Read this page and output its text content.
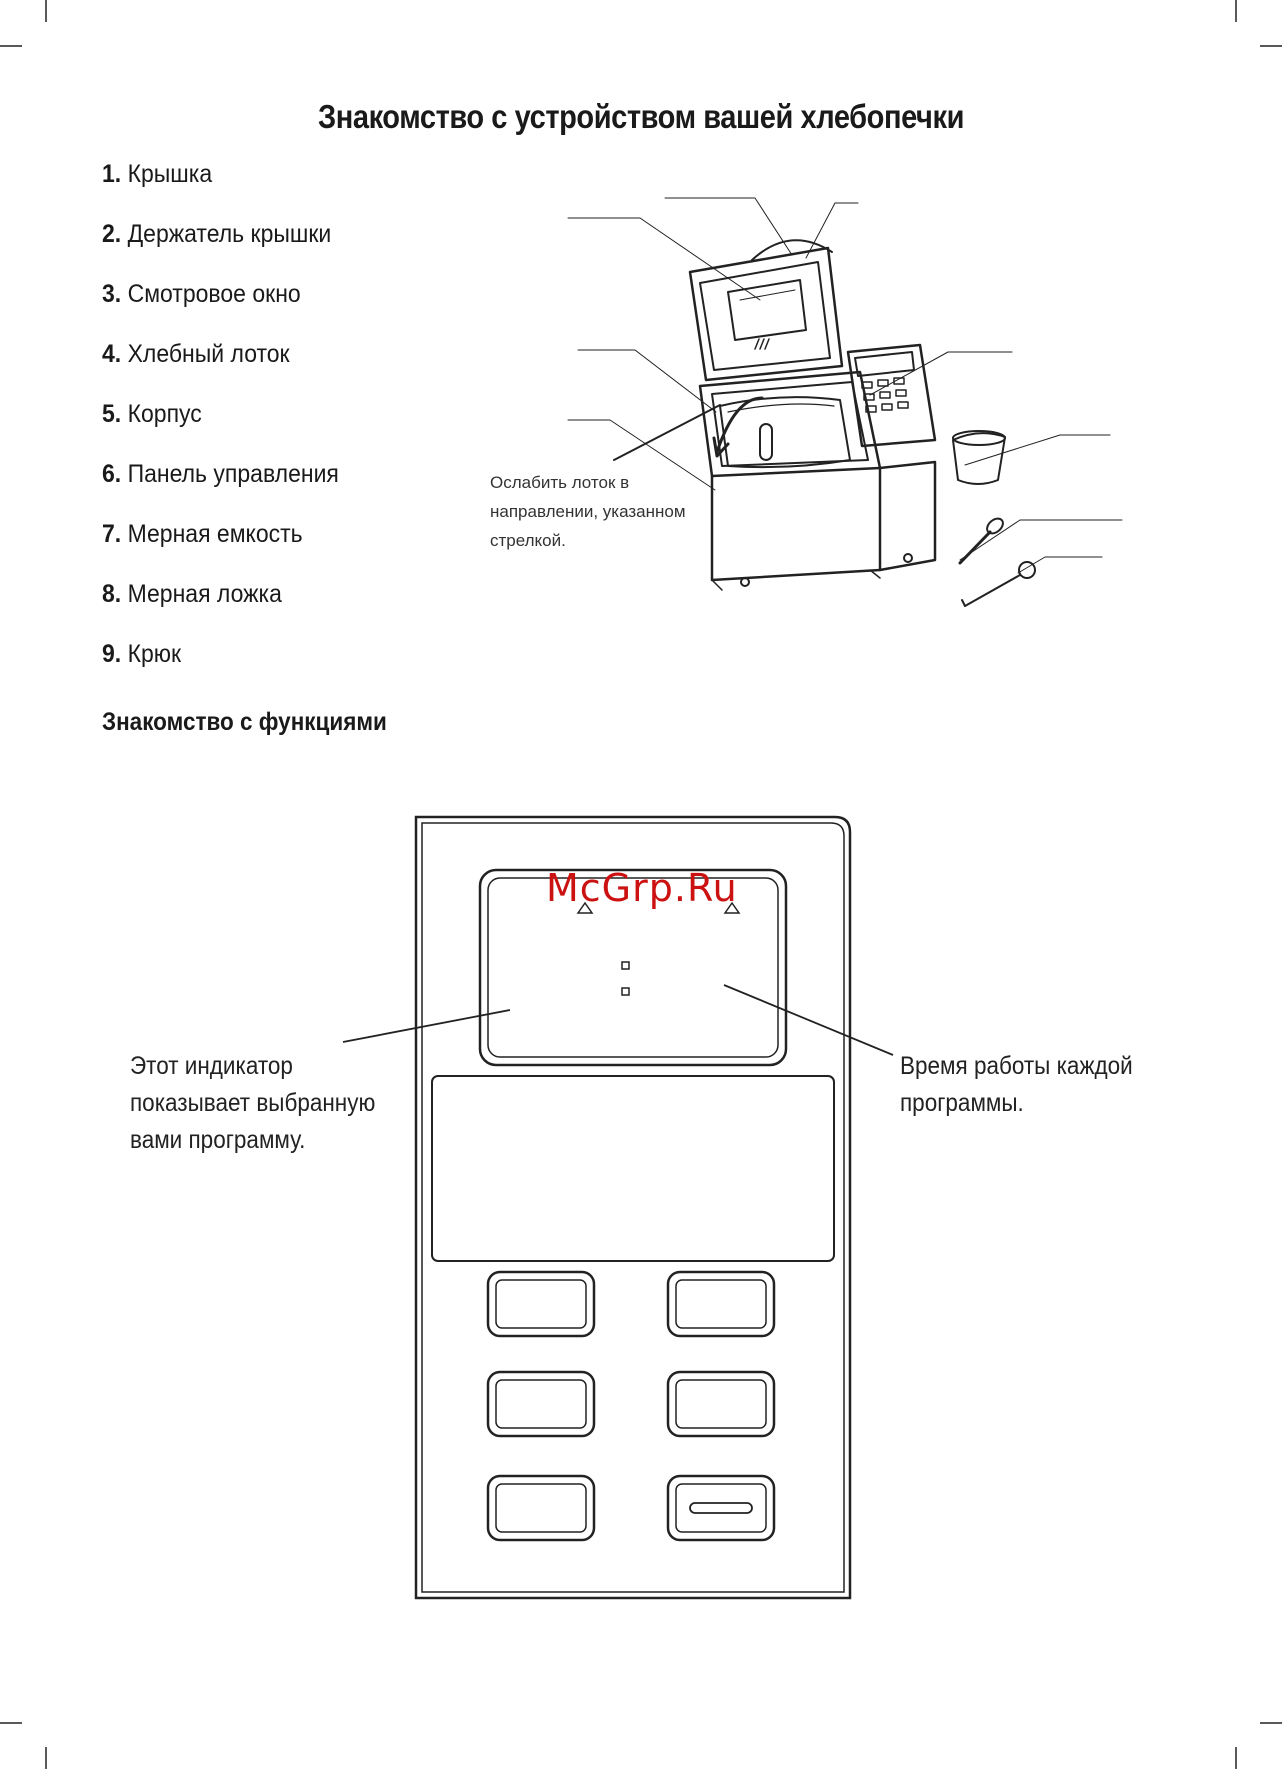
Знакомство с устройством вашей хлебопечки
1. Крышка
2. Держатель крышки
3. Смотровое окно
4. Хлебный лоток
5. Корпус
6. Панель управления
7. Мерная емкость
8. Мерная ложка
9. Крюк
Ослабить лоток в направлении, указанном стрелкой.
Знакомство с функциями
McGrp.Ru
Этот индикатор показывает выбранную вами программу.
Время работы каждой программы.
